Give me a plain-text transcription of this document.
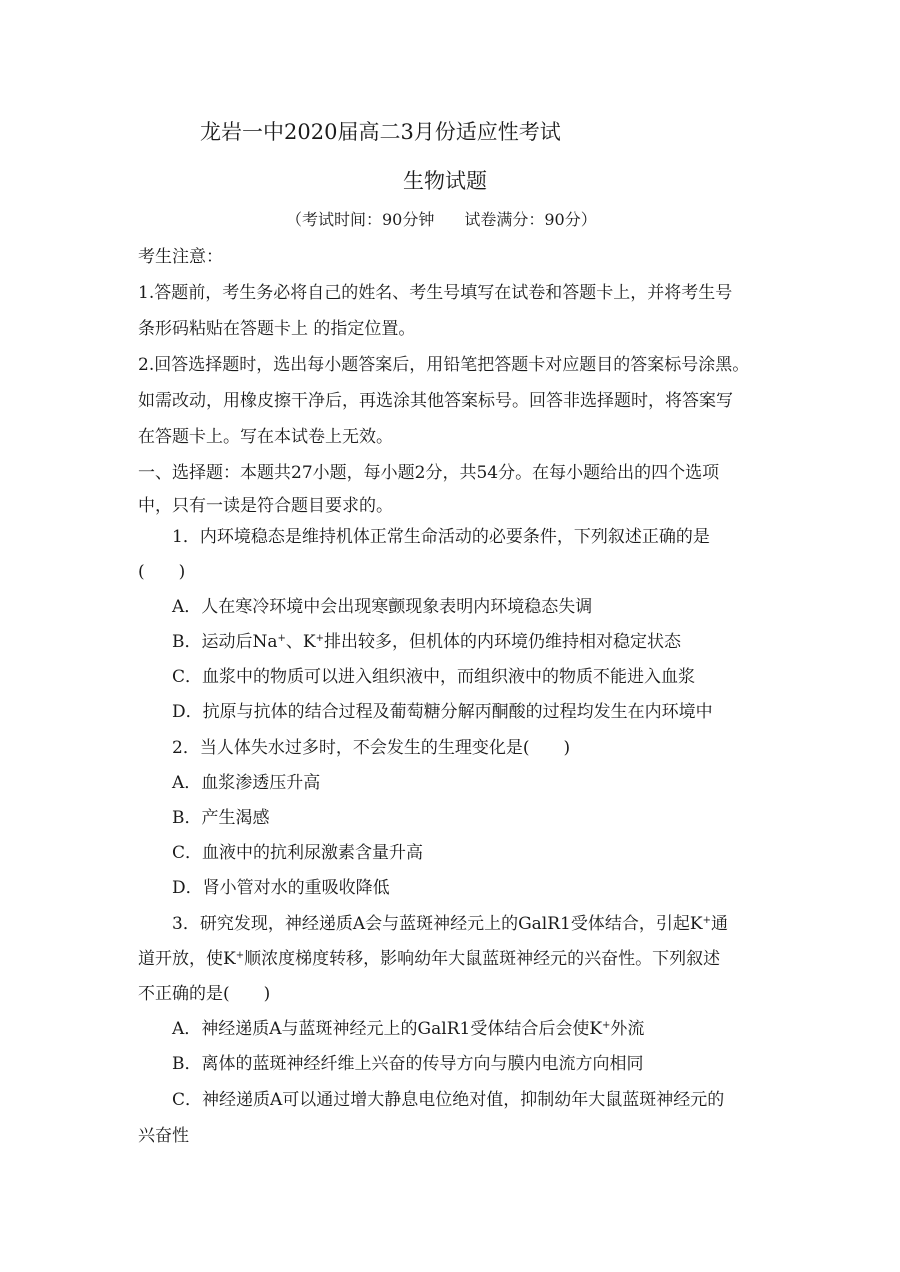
龙岩一中2020届高二3月份适应性考试
生物试题
（考试时间：90分钟 试卷满分：90分）
考生注意：
1.答题前，考生务必将自己的姓名、考生号填写在试卷和答题卡上，并将考生号
条形码粘贴在答题卡上 的指定位置。
2.回答选择题时，选出每小题答案后，用铅笔把答题卡对应题目的答案标号涂黑。
如需改动，用橡皮擦干净后，再选涂其他答案标号。回答非选择题时，将答案写
在答题卡上。写在本试卷上无效。
一、选择题：本题共27小题，每小题2分，共54分。在每小题给出的四个选项
中，只有一读是符合题目要求的。
1．内环境稳态是维持机体正常生命活动的必要条件，下列叙述正确的是
(　　)
A．人在寒冷环境中会出现寒颤现象表明内环境稳态失调
B．运动后Na+、K+排出较多，但机体的内环境仍维持相对稳定状态
C．血浆中的物质可以进入组织液中，而组织液中的物质不能进入血浆
D．抗原与抗体的结合过程及葡萄糖分解丙酮酸的过程均发生在内环境中
2．当人体失水过多时，不会发生的生理变化是(　　)
A．血浆渗透压升高
B．产生渴感
C．血液中的抗利尿激素含量升高
D．肾小管对水的重吸收降低
3．研究发现，神经递质A会与蓝斑神经元上的GalR1受体结合，引起K+通
道开放，使K+顺浓度梯度转移，影响幼年大鼠蓝斑神经元的兴奋性。下列叙述
不正确的是(　　)
A．神经递质A与蓝斑神经元上的GalR1受体结合后会使K+外流
B．离体的蓝斑神经纤维上兴奋的传导方向与膜内电流方向相同
C．神经递质A可以通过增大静息电位绝对值，抑制幼年大鼠蓝斑神经元的
兴奋性
